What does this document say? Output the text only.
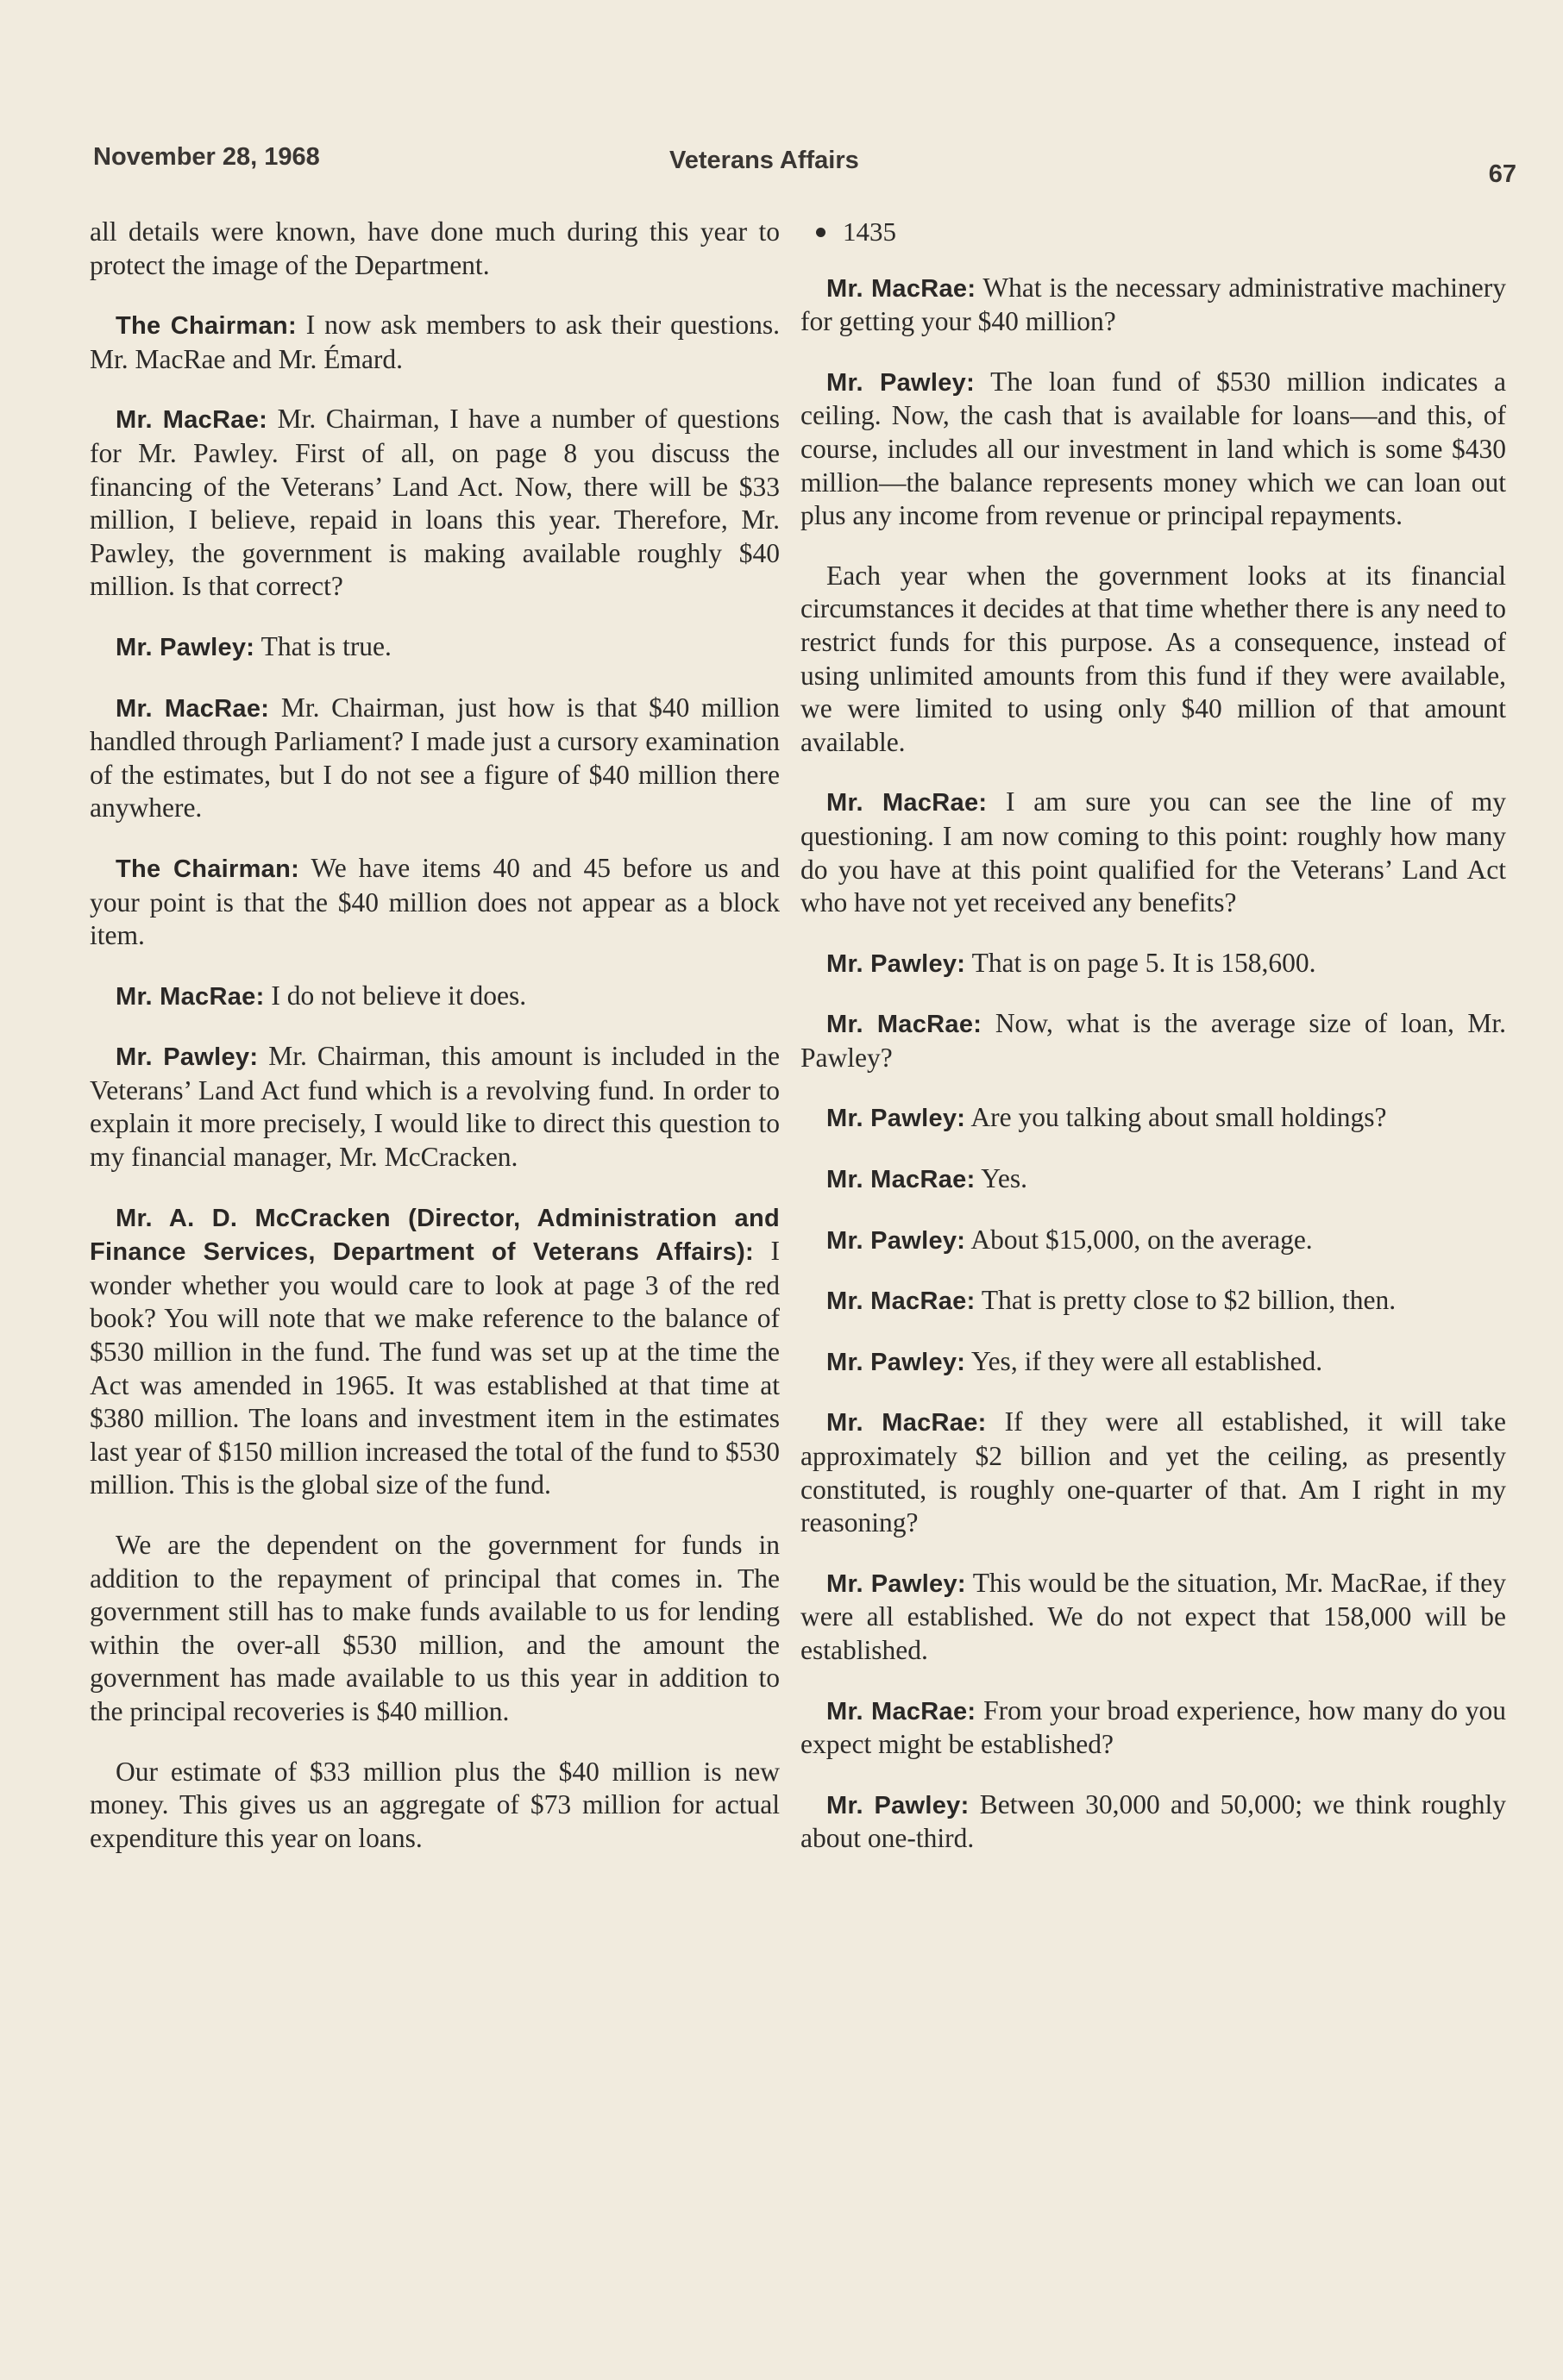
November 28, 1968	Veterans Affairs	67

all details were known, have done much during this year to protect the image of the Department.

The Chairman: I now ask members to ask their questions. Mr. MacRae and Mr. Émard.

Mr. MacRae: Mr. Chairman, I have a number of questions for Mr. Pawley. First of all, on page 8 you discuss the financing of the Veterans’ Land Act. Now, there will be $33 million, I believe, repaid in loans this year. Therefore, Mr. Pawley, the government is making available roughly $40 million. Is that correct?

Mr. Pawley: That is true.

Mr. MacRae: Mr. Chairman, just how is that $40 million handled through Parliament? I made just a cursory examination of the estimates, but I do not see a figure of $40 million there anywhere.

The Chairman: We have items 40 and 45 before us and your point is that the $40 million does not appear as a block item.

Mr. MacRae: I do not believe it does.

Mr. Pawley: Mr. Chairman, this amount is included in the Veterans’ Land Act fund which is a revolving fund. In order to explain it more precisely, I would like to direct this question to my financial manager, Mr. McCracken.

Mr. A. D. McCracken (Director, Administration and Finance Services, Department of Veterans Affairs): I wonder whether you would care to look at page 3 of the red book? You will note that we make reference to the balance of $530 million in the fund. The fund was set up at the time the Act was amended in 1965. It was established at that time at $380 million. The loans and investment item in the estimates last year of $150 million increased the total of the fund to $530 million. This is the global size of the fund.

We are the dependent on the government for funds in addition to the repayment of principal that comes in. The government still has to make funds available to us for lending within the over-all $530 million, and the amount the government has made available to us this year in addition to the principal recoveries is $40 million.

Our estimate of $33 million plus the $40 million is new money. This gives us an aggregate of $73 million for actual expenditure this year on loans.

1435

Mr. MacRae: What is the necessary administrative machinery for getting your $40 million?

Mr. Pawley: The loan fund of $530 million indicates a ceiling. Now, the cash that is available for loans—and this, of course, includes all our investment in land which is some $430 million—the balance represents money which we can loan out plus any income from revenue or principal repayments.

Each year when the government looks at its financial circumstances it decides at that time whether there is any need to restrict funds for this purpose. As a consequence, instead of using unlimited amounts from this fund if they were available, we were limited to using only $40 million of that amount available.

Mr. MacRae: I am sure you can see the line of my questioning. I am now coming to this point: roughly how many do you have at this point qualified for the Veterans’ Land Act who have not yet received any benefits?

Mr. Pawley: That is on page 5. It is 158,600.

Mr. MacRae: Now, what is the average size of loan, Mr. Pawley?

Mr. Pawley: Are you talking about small holdings?

Mr. MacRae: Yes.

Mr. Pawley: About $15,000, on the average.

Mr. MacRae: That is pretty close to $2 billion, then.

Mr. Pawley: Yes, if they were all established.

Mr. MacRae: If they were all established, it will take approximately $2 billion and yet the ceiling, as presently constituted, is roughly one-quarter of that. Am I right in my reasoning?

Mr. Pawley: This would be the situation, Mr. MacRae, if they were all established. We do not expect that 158,000 will be established.

Mr. MacRae: From your broad experience, how many do you expect might be established?

Mr. Pawley: Between 30,000 and 50,000; we think roughly about one-third.
